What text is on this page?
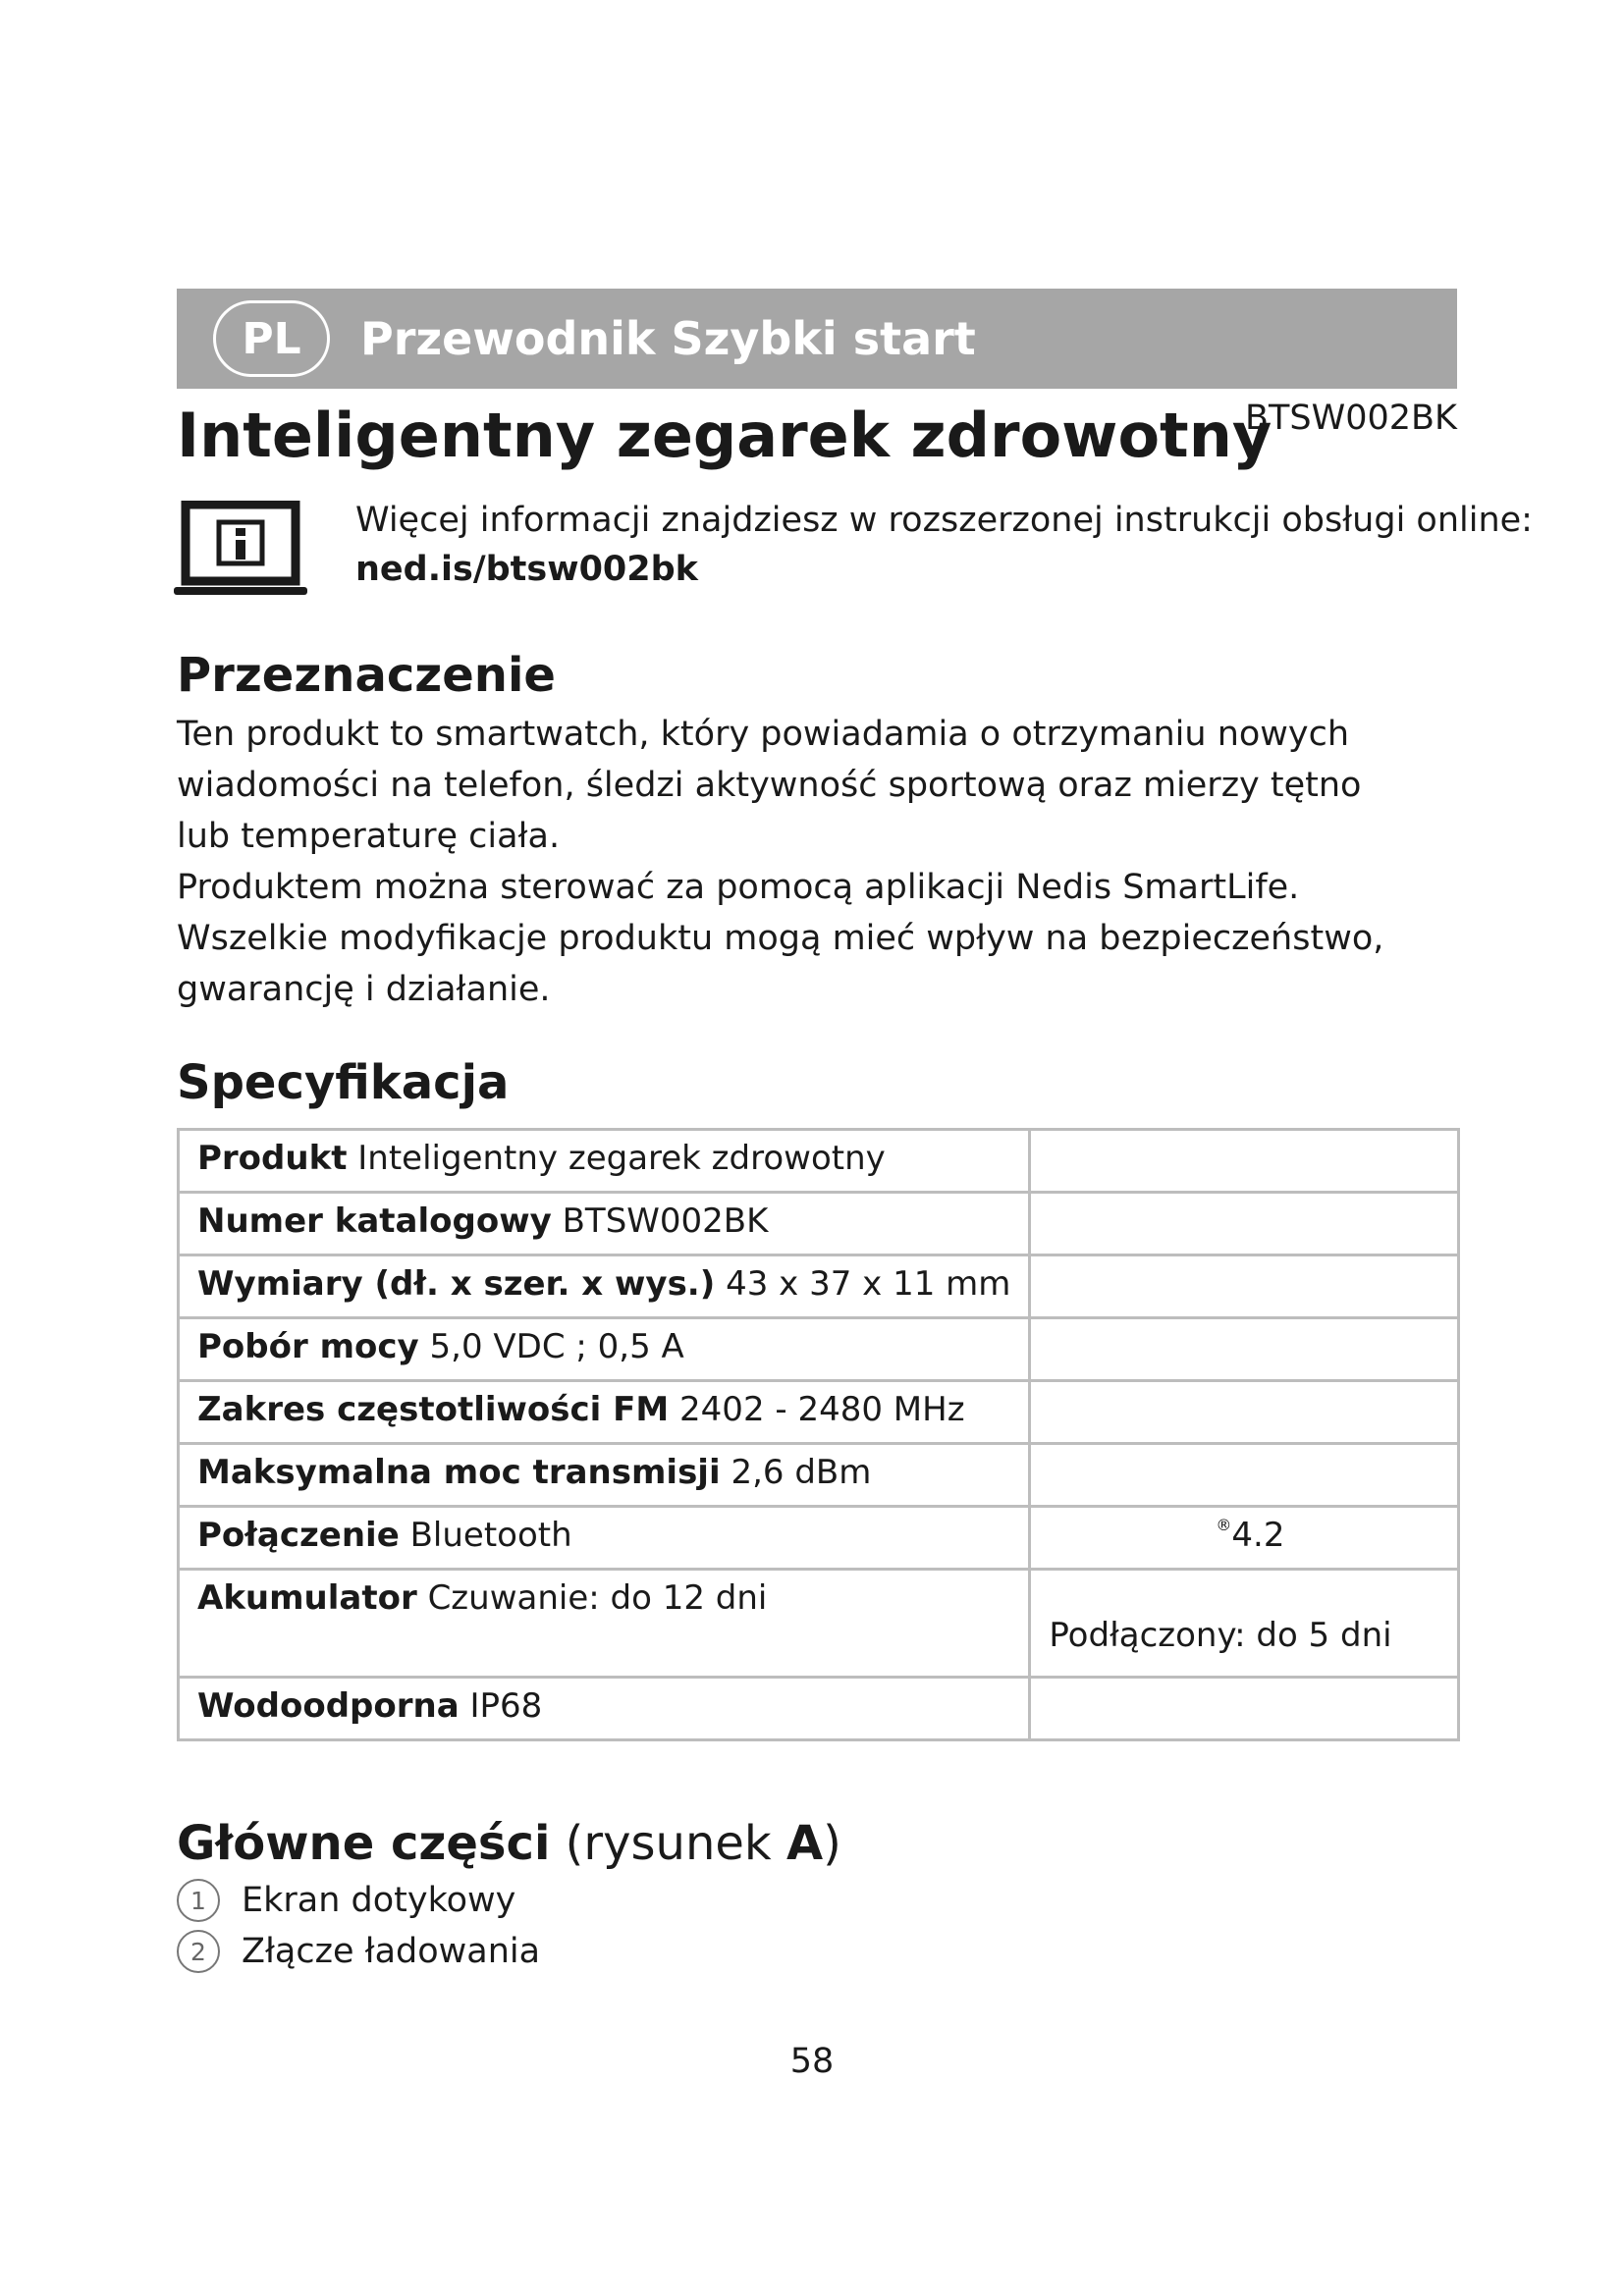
PL	Przewodnik Szybki start
Inteligentny zegarek zdrowotny
BTSW002BK
Więcej informacji znajdziesz w rozszerzonej instrukcji obsługi online:
ned.is/btsw002bk
Przeznaczenie

Ten produkt to smartwatch, który powiadamia o otrzymaniu nowych wiadomości na telefon, śledzi aktywność sportową oraz mierzy tętno lub temperaturę ciała.

Produktem można sterować za pomocą aplikacji Nedis SmartLife.

Wszelkie modyfikacje produktu mogą mieć wpływ na bezpieczeństwo, gwarancję i działanie.

Specyfikacja
Produkt Inteligentny zegarek zdrowotny	
Numer katalogowy BTSW002BK	
Wymiary (dł. x szer. x wys.) 43 x 37 x 11 mm	
Pobór mocy 5,0 VDC ; 0,5 A	
Zakres częstotliwości FM 2402 - 2480 MHz	
Maksymalna moc transmisji 2,6 dBm	
Połączenie Bluetooth	®4.2
Akumulator Czuwanie: do 12 dni	Podłączony: do 5 dni
Wodoodporna IP68	
Główne części (rysunek A)
1	Ekran dotykowy
2	Złącze ładowania
58
